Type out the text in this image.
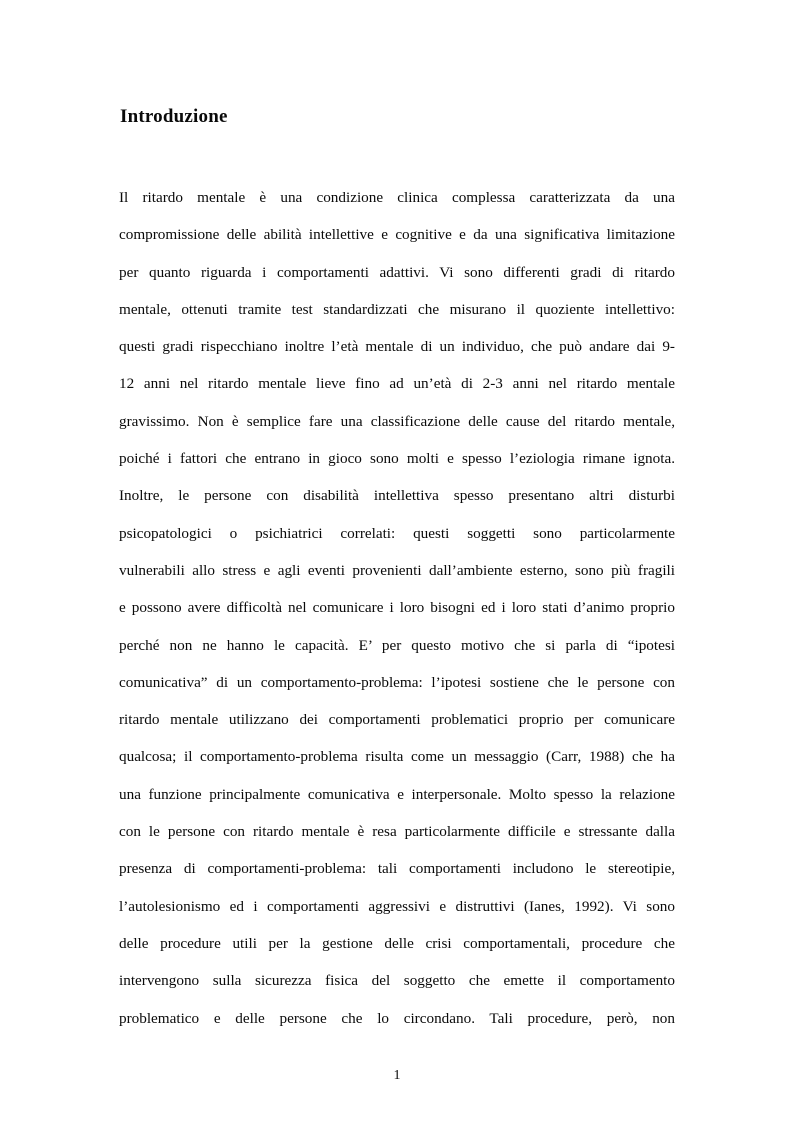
Introduzione
Il ritardo mentale è una condizione clinica complessa caratterizzata da una
compromissione delle abilità intellettive e cognitive e da una significativa limitazione
per quanto riguarda i comportamenti adattivi. Vi sono differenti gradi di ritardo
mentale, ottenuti tramite test standardizzati che misurano il quoziente intellettivo:
questi gradi rispecchiano inoltre l’età mentale di un individuo, che può andare dai 9-
12 anni nel ritardo mentale lieve fino ad un’età di 2-3 anni nel ritardo mentale
gravissimo. Non è semplice fare una classificazione delle cause del ritardo mentale,
poiché i fattori che entrano in gioco sono molti e spesso l’eziologia rimane ignota.
Inoltre, le persone con disabilità intellettiva spesso presentano altri disturbi
psicopatologici o psichiatrici correlati: questi soggetti sono particolarmente
vulnerabili allo stress e agli eventi provenienti dall’ambiente esterno, sono più fragili
e possono avere difficoltà nel comunicare i loro bisogni ed i loro stati d’animo proprio
perché non ne hanno le capacità. E’ per questo motivo che si parla di “ipotesi
comunicativa” di un comportamento-problema: l’ipotesi sostiene che le persone con
ritardo mentale utilizzano dei comportamenti problematici proprio per comunicare
qualcosa; il comportamento-problema risulta come un messaggio (Carr, 1988) che ha
una funzione principalmente comunicativa e interpersonale. Molto spesso la relazione
con le persone con ritardo mentale è resa particolarmente difficile e stressante dalla
presenza di comportamenti-problema: tali comportamenti includono le stereotipie,
l’autolesionismo ed i comportamenti aggressivi e distruttivi (Ianes, 1992). Vi sono
delle procedure utili per la gestione delle crisi comportamentali, procedure che
intervengono sulla sicurezza fisica del soggetto che emette il comportamento
problematico e delle persone che lo circondano. Tali procedure, però, non
1
